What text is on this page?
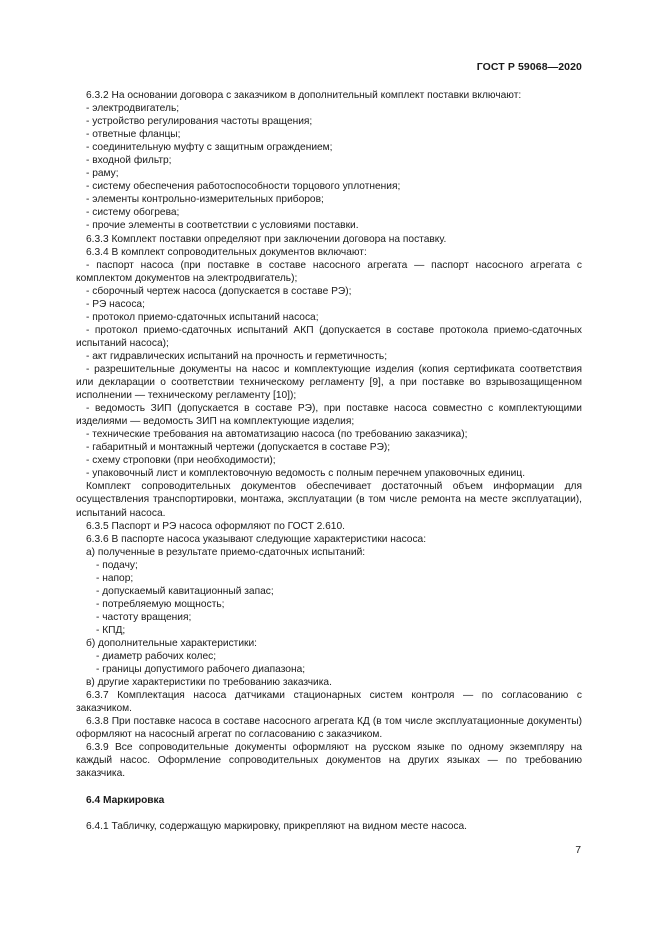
ГОСТ Р 59068—2020

6.3.2 На основании договора с заказчиком в дополнительный комплект поставки включают:

- электродвигатель;

- устройство регулирования частоты вращения;

- ответные фланцы;

- соединительную муфту с защитным ограждением;

- входной фильтр;

- раму;

- систему обеспечения работоспособности торцового уплотнения;

- элементы контрольно-измерительных приборов;

- систему обогрева;

- прочие элементы в соответствии с условиями поставки.

6.3.3 Комплект поставки определяют при заключении договора на поставку.

6.3.4 В комплект сопроводительных документов включают:

- паспорт насоса (при поставке в составе насосного агрегата — паспорт насосного агрегата с комплектом документов на электродвигатель);

- сборочный чертеж насоса (допускается в составе РЭ);

- РЭ насоса;

- протокол приемо-сдаточных испытаний насоса;

- протокол приемо-сдаточных испытаний АКП (допускается в составе протокола приемо-сдаточных испытаний насоса);

- акт гидравлических испытаний на прочность и герметичность;

- разрешительные документы на насос и комплектующие изделия (копия сертификата соответствия или декларации о соответствии техническому регламенту [9], а при поставке во взрывозащищенном исполнении — техническому регламенту [10]);

- ведомость ЗИП (допускается в составе РЭ), при поставке насоса совместно с комплектующими изделиями — ведомость ЗИП на комплектующие изделия;

- технические требования на автоматизацию насоса (по требованию заказчика);

- габаритный и монтажный чертежи (допускается в составе РЭ);

- схему строповки (при необходимости);

- упаковочный лист и комплектовочную ведомость с полным перечнем упаковочных единиц.

Комплект сопроводительных документов обеспечивает достаточный объем информации для осуществления транспортировки, монтажа, эксплуатации (в том числе ремонта на месте эксплуатации), испытаний насоса.

6.3.5 Паспорт и РЭ насоса оформляют по ГОСТ 2.610.

6.3.6 В паспорте насоса указывают следующие характеристики насоса:

а) полученные в результате приемо-сдаточных испытаний:

- подачу;

- напор;

- допускаемый кавитационный запас;

- потребляемую мощность;

- частоту вращения;

- КПД;

б) дополнительные характеристики:

- диаметр рабочих колес;

- границы допустимого рабочего диапазона;

в) другие характеристики по требованию заказчика.

6.3.7 Комплектация насоса датчиками стационарных систем контроля — по согласованию с заказчиком.

6.3.8 При поставке насоса в составе насосного агрегата КД (в том числе эксплуатационные документы) оформляют на насосный агрегат по согласованию с заказчиком.

6.3.9 Все сопроводительные документы оформляют на русском языке по одному экземпляру на каждый насос. Оформление сопроводительных документов на других языках — по требованию заказчика.

6.4 Маркировка

6.4.1 Табличку, содержащую маркировку, прикрепляют на видном месте насоса.

7
